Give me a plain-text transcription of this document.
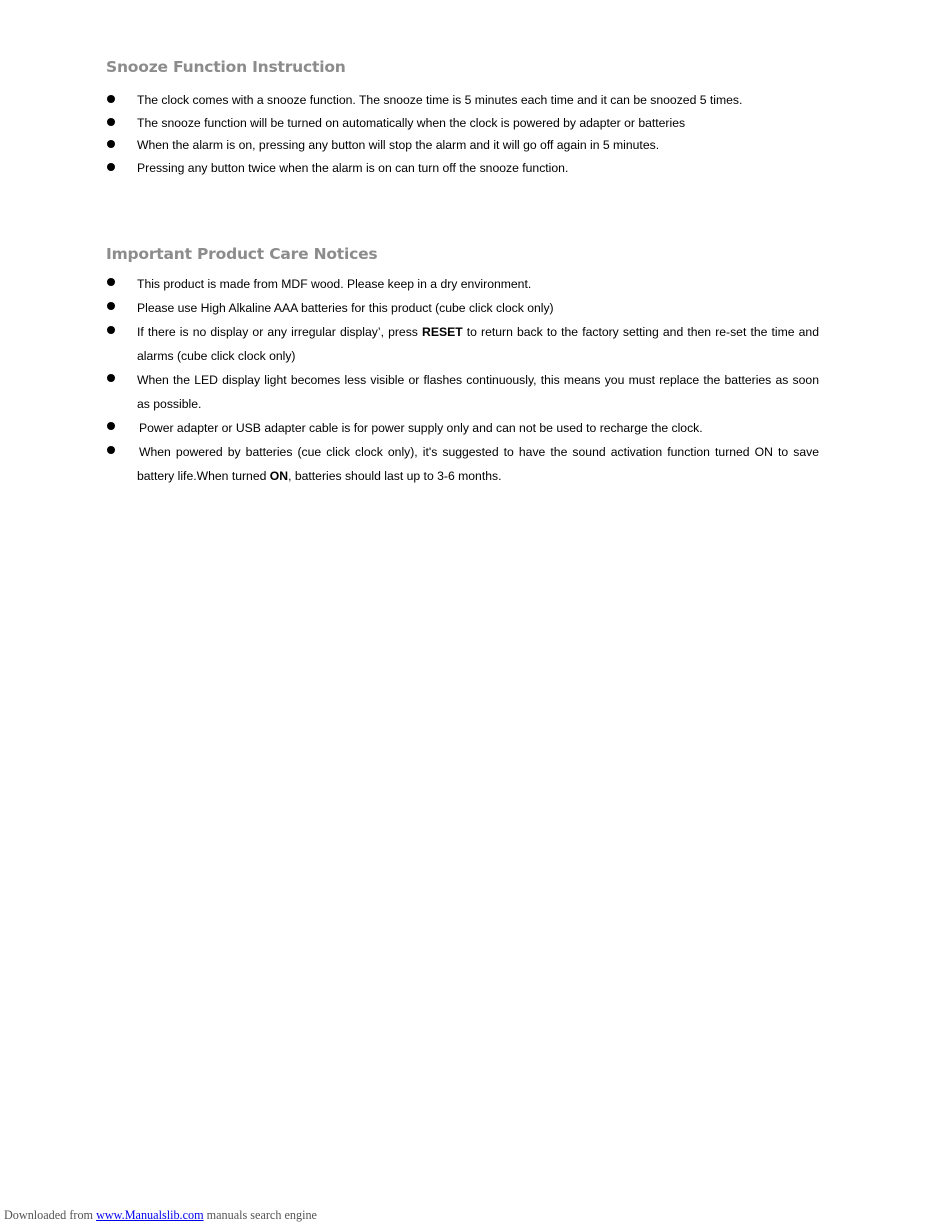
Snooze Function Instruction
The clock comes with a snooze function. The snooze time is 5 minutes each time and it can be snoozed 5 times.
The snooze function will be turned on automatically when the clock is powered by adapter or batteries
When the alarm is on, pressing any button will stop the alarm and it will go off again in 5 minutes.
Pressing any button twice when the alarm is on can turn off the snooze function.
Important Product Care Notices
This product is made from MDF wood. Please keep in a dry environment.
Please use High Alkaline AAA batteries for this product (cube click clock only)
If there is no display or any irregular display’, press RESET to return back to the factory setting and then re-set the time and alarms (cube click clock only)
When the LED display light becomes less visible or flashes continuously, this means you must replace the batteries as soon as possible.
Power adapter or USB adapter cable is for power supply only and can not be used to recharge the clock.
When powered by batteries (cue click clock only), it's suggested to have the sound activation function turned ON to save battery life.When turned ON, batteries should last up to 3-6 months.
Downloaded from www.Manualslib.com manuals search engine
